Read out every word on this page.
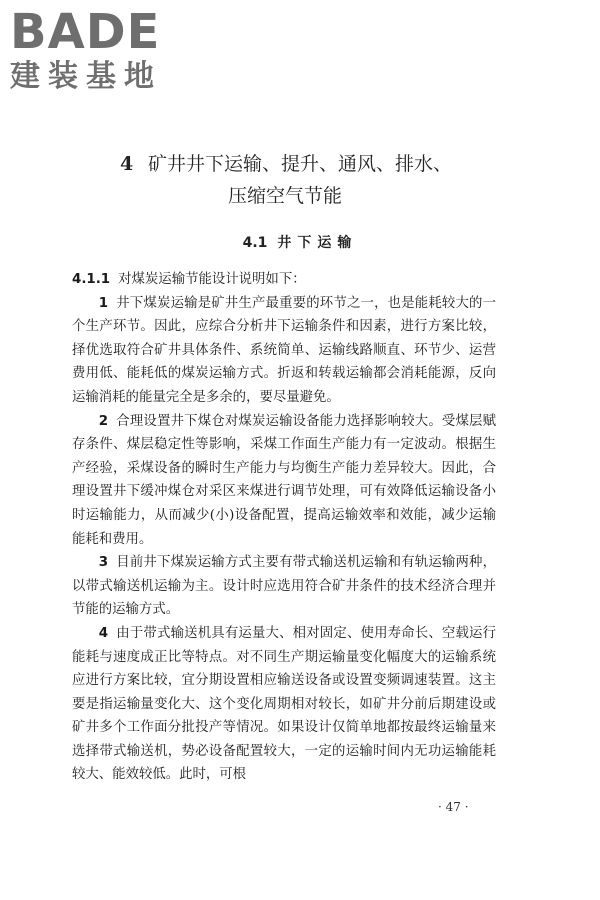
BADE
建装基地
4 矿井井下运输、提升、通风、排水、
压缩空气节能
4.1 井下运输

4.1.1 对煤炭运输节能设计说明如下：

1 井下煤炭运输是矿井生产最重要的环节之一，也是能耗较大的一个生产环节。因此，应综合分析井下运输条件和因素，进行方案比较，择优选取符合矿井具体条件、系统简单、运输线路顺直、环节少、运营费用低、能耗低的煤炭运输方式。折返和转载运输都会消耗能源，反向运输消耗的能量完全是多余的，要尽量避免。

2 合理设置井下煤仓对煤炭运输设备能力选择影响较大。受煤层赋存条件、煤层稳定性等影响，采煤工作面生产能力有一定波动。根据生产经验，采煤设备的瞬时生产能力与均衡生产能力差异较大。因此，合理设置井下缓冲煤仓对采区来煤进行调节处理，可有效降低运输设备小时运输能力，从而减少(小)设备配置，提高运输效率和效能，减少运输能耗和费用。

3 目前井下煤炭运输方式主要有带式输送机运输和有轨运输两种，以带式输送机运输为主。设计时应选用符合矿井条件的技术经济合理并节能的运输方式。

4 由于带式输送机具有运量大、相对固定、使用寿命长、空载运行能耗与速度成正比等特点。对不同生产期运输量变化幅度大的运输系统应进行方案比较，宜分期设置相应输送设备或设置变频调速装置。这主要是指运输量变化大、这个变化周期相对较长，如矿井分前后期建设或矿井多个工作面分批投产等情况。如果设计仅简单地都按最终运输量来选择带式输送机，势必设备配置较大，一定的运输时间内无功运输能耗较大、能效较低。此时，可根

· 47 ·
